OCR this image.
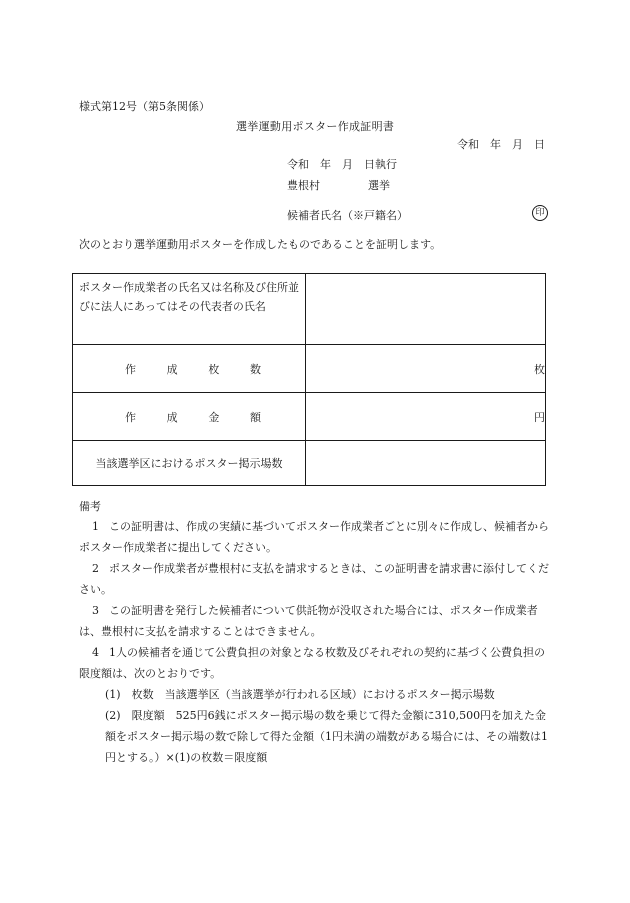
様式第12号（第5条関係）
選挙運動用ポスター作成証明書
令和　年　月　日
令和　年　月　日執行
豊根村	選挙
候補者氏名（※戸籍名）	印
次のとおり選挙運動用ポスターを作成したものであることを証明します。
ポスター作成業者の氏名又は名称及び住所並びに法人にあってはその代表者の氏名	

作 成 枚 数	枚

作 成 金 額	円
当該選挙区におけるポスター掲示場数	
備考
1 この証明書は、作成の実績に基づいてポスター作成業者ごとに別々に作成し、候補者からポスター作成業者に提出してください。
2 ポスター作成業者が豊根村に支払を請求するときは、この証明書を請求書に添付してください。
3 この証明書を発行した候補者について供託物が没収された場合には、ポスター作成業者は、豊根村に支払を請求することはできません。
4 1人の候補者を通じて公費負担の対象となる枚数及びそれぞれの契約に基づく公費負担の限度額は、次のとおりです。
(1)　枚数　当該選挙区（当該選挙が行われる区域）におけるポスター掲示場数
(2)　限度額　525円6銭にポスター掲示場の数を乗じて得た金額に310,500円を加えた金額をポスター掲示場の数で除して得た金額（1円未満の端数がある場合には、その端数は1円とする。）×(1)の枚数＝限度額
